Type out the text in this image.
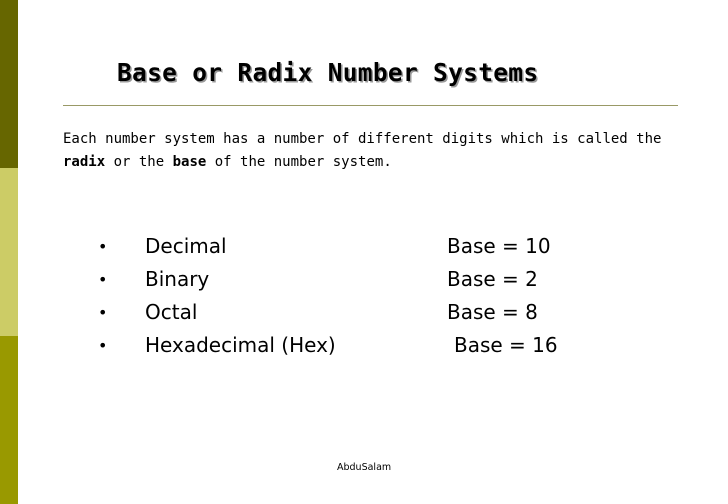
Base or Radix Number Systems

Each number system has a number of different digits which is called the radix or the base of the number system.

• Decimal	Base = 10
• Binary	Base = 2
• Octal	Base = 8
• Hexadecimal (Hex)	Base = 16

AbduSalam
